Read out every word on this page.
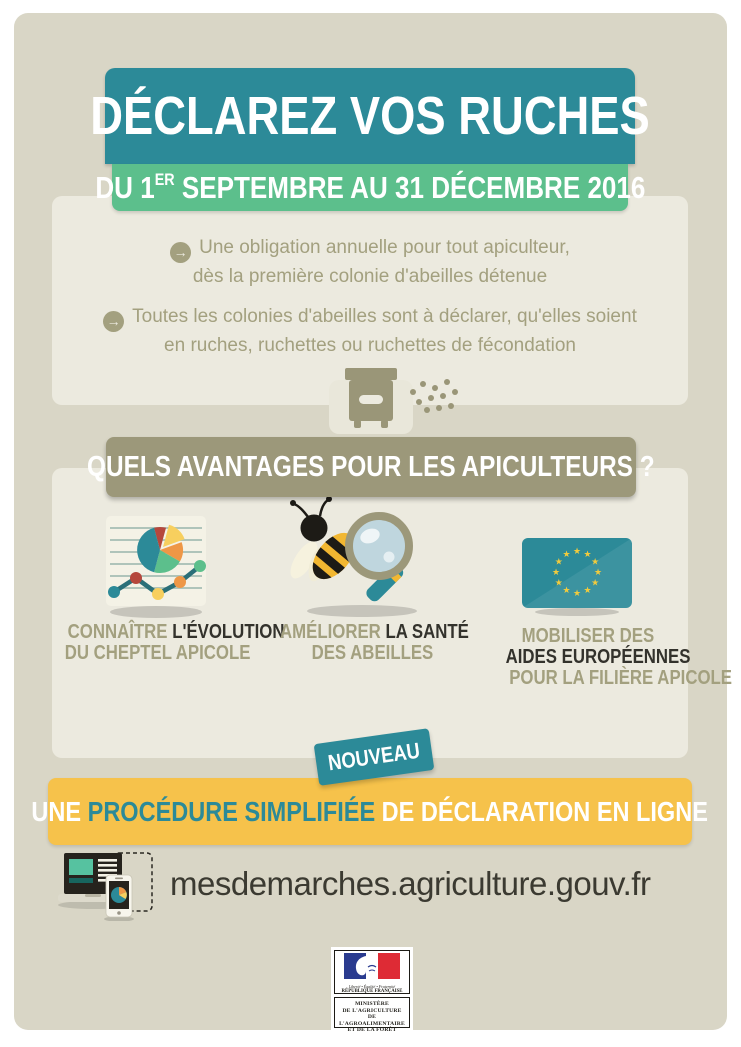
DÉCLAREZ VOS RUCHES
DU 1ER SEPTEMBRE AU 31 DÉCEMBRE 2016
→ Une obligation annuelle pour tout apiculteur,
dès la première colonie d'abeilles détenue
→ Toutes les colonies d'abeilles sont à déclarer, qu'elles soient
en ruches, ruchettes ou ruchettes de fécondation
QUELS AVANTAGES POUR LES APICULTEURS ?
CONNAÎTRE L'ÉVOLUTION
DU CHEPTEL APICOLE
AMÉLIORER LA SANTÉ
DES ABEILLES
★ ★
★
★
★
★
★
★
★
★
★
★
MOBILISER DES
AIDES EUROPÉENNES
POUR LA FILIÈRE APICOLE
NOUVEAU
UNE PROCÉDURE SIMPLIFIÉE DE DÉCLARATION EN LIGNE
mesdemarches.agriculture.gouv.fr
Liberté • Égalité • Fraternité
RÉPUBLIQUE FRANÇAISE
MINISTÈRE
DE L'AGRICULTURE
DE L'AGROALIMENTAIRE
ET DE LA FORÊT
